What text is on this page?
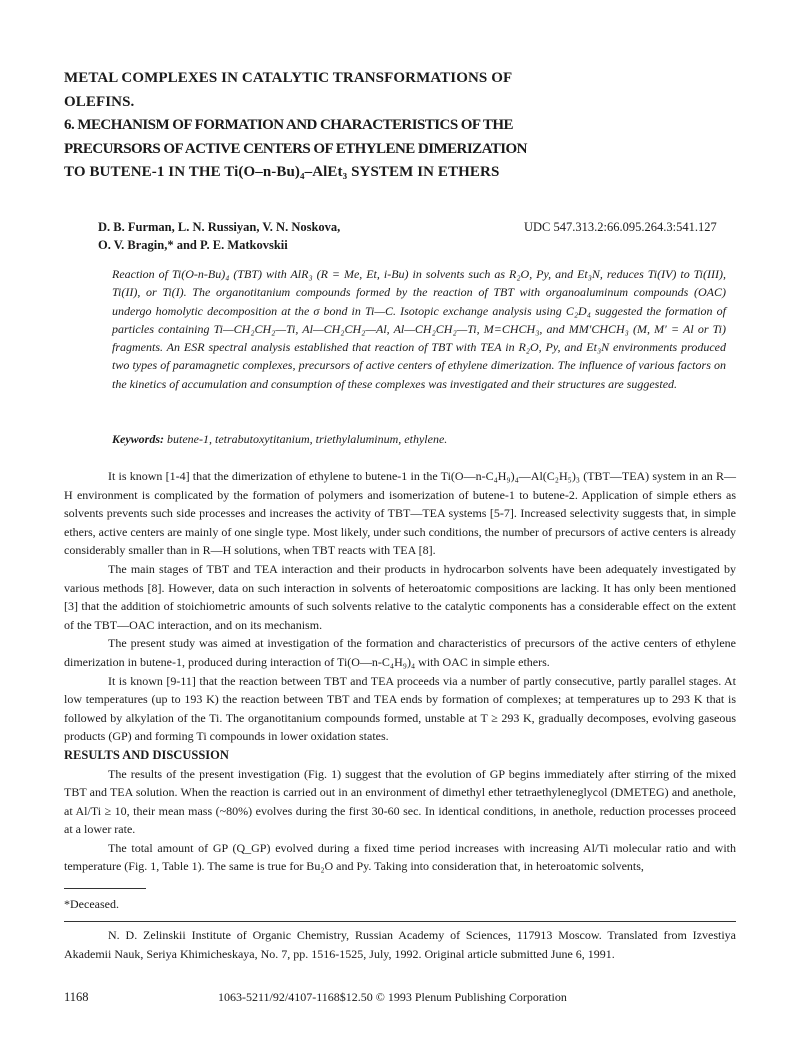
METAL COMPLEXES IN CATALYTIC TRANSFORMATIONS OF
OLEFINS.
6. MECHANISM OF FORMATION AND CHARACTERISTICS OF THE
PRECURSORS OF ACTIVE CENTERS OF ETHYLENE DIMERIZATION
TO BUTENE-1 IN THE Ti(O–n-Bu)₄–AlEt₃ SYSTEM IN ETHERS
D. B. Furman, L. N. Russiyan, V. N. Noskova,
O. V. Bragin,* and P. E. Matkovskii
UDC 547.313.2:66.095.264.3:541.127
Reaction of Ti(O-n-Bu)₄ (TBT) with AlR₃ (R = Me, Et, i-Bu) in solvents such as R₂O, Py, and Et₃N, reduces Ti(IV) to Ti(III), Ti(II), or Ti(I). The organotitanium compounds formed by the reaction of TBT with organoaluminum compounds (OAC) undergo homolytic decomposition at the σ bond in Ti—C. Isotopic exchange analysis using C₂D₄ suggested the formation of particles containing Ti—CH₂CH₂—Ti, Al—CH₂CH₂—Al, Al—CH₂CH₂—Ti, M=CHCH₃, and MM′CHCH₃ (M, M′ = Al or Ti) fragments. An ESR spectral analysis established that reaction of TBT with TEA in R₂O, Py, and Et₃N environments produced two types of paramagnetic complexes, precursors of active centers of ethylene dimerization. The influence of various factors on the kinetics of accumulation and consumption of these complexes was investigated and their structures are suggested.
Keywords: butene-1, tetrabutoxytitanium, triethylaluminum, ethylene.

It is known [1-4] that the dimerization of ethylene to butene-1 in the Ti(O—n-C₄H₉)₄—Al(C₂H₅)₃ (TBT—TEA) system in an R—H environment is complicated by the formation of polymers and isomerization of butene-1 to butene-2. Application of simple ethers as solvents prevents such side processes and increases the activity of TBT—TEA systems [5-7]. Increased selectivity suggests that, in simple ethers, active centers are mainly of one single type. Most likely, under such conditions, the number of precursors of active centers is already considerably smaller than in R—H solutions, when TBT reacts with TEA [8].

The main stages of TBT and TEA interaction and their products in hydrocarbon solvents have been adequately investigated by various methods [8]. However, data on such interaction in solvents of heteroatomic compositions are lacking. It has only been mentioned [3] that the addition of stoichiometric amounts of such solvents relative to the catalytic components has a considerable effect on the extent of the TBT—OAC interaction, and on its mechanism.

The present study was aimed at investigation of the formation and characteristics of precursors of the active centers of ethylene dimerization in butene-1, produced during interaction of Ti(O—n-C₄H₉)₄ with OAC in simple ethers.

It is known [9-11] that the reaction between TBT and TEA proceeds via a number of partly consecutive, partly parallel stages. At low temperatures (up to 193 K) the reaction between TBT and TEA ends by formation of complexes; at temperatures up to 293 K that is followed by alkylation of the Ti. The organotitanium compounds formed, unstable at T ≥ 293 K, gradually decomposes, evolving gaseous products (GP) and forming Ti compounds in lower oxidation states.

RESULTS AND DISCUSSION

The results of the present investigation (Fig. 1) suggest that the evolution of GP begins immediately after stirring of the mixed TBT and TEA solution. When the reaction is carried out in an environment of dimethyl ether tetraethyleneglycol (DMETEG) and anethole, at Al/Ti ≥ 10, their mean mass (~80%) evolves during the first 30-60 sec. In identical conditions, in anethole, reduction processes proceed at a lower rate.

The total amount of GP (Q_GP) evolved during a fixed time period increases with increasing Al/Ti molecular ratio and with temperature (Fig. 1, Table 1). The same is true for Bu₂O and Py. Taking into consideration that, in heteroatomic solvents,

*Deceased.
N. D. Zelinskii Institute of Organic Chemistry, Russian Academy of Sciences, 117913 Moscow. Translated from Izvestiya Akademii Nauk, Seriya Khimicheskaya, No. 7, pp. 1516-1525, July, 1992. Original article submitted June 6, 1991.
1168	1063-5211/92/4107-1168$12.50 © 1993 Plenum Publishing Corporation
